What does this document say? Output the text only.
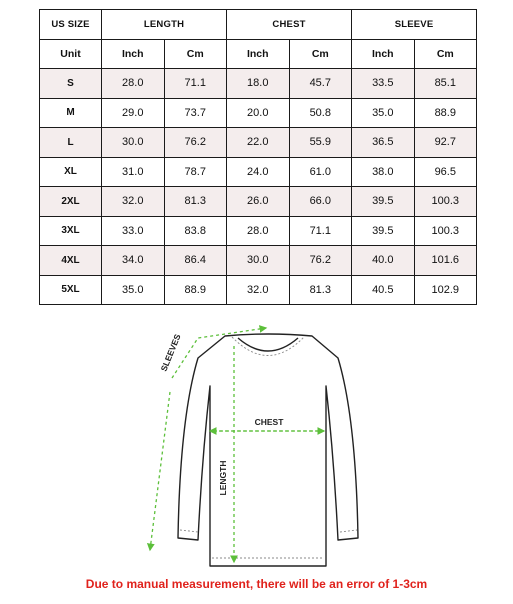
US SIZE	LENGTH		CHEST		SLEEVE	
Unit	Inch	Cm	Inch	Cm	Inch	Cm
S	28.0	71.1	18.0	45.7	33.5	85.1
M	29.0	73.7	20.0	50.8	35.0	88.9
L	30.0	76.2	22.0	55.9	36.5	92.7
XL	31.0	78.7	24.0	61.0	38.0	96.5
2XL	32.0	81.3	26.0	66.0	39.5	100.3
3XL	33.0	83.8	28.0	71.1	39.5	100.3
4XL	34.0	86.4	30.0	76.2	40.0	101.6
5XL	35.0	88.9	32.0	81.3	40.5	102.9
SLEEVES
CHEST
LENGTH
Due to manual measurement, there will be an error of 1-3cm
